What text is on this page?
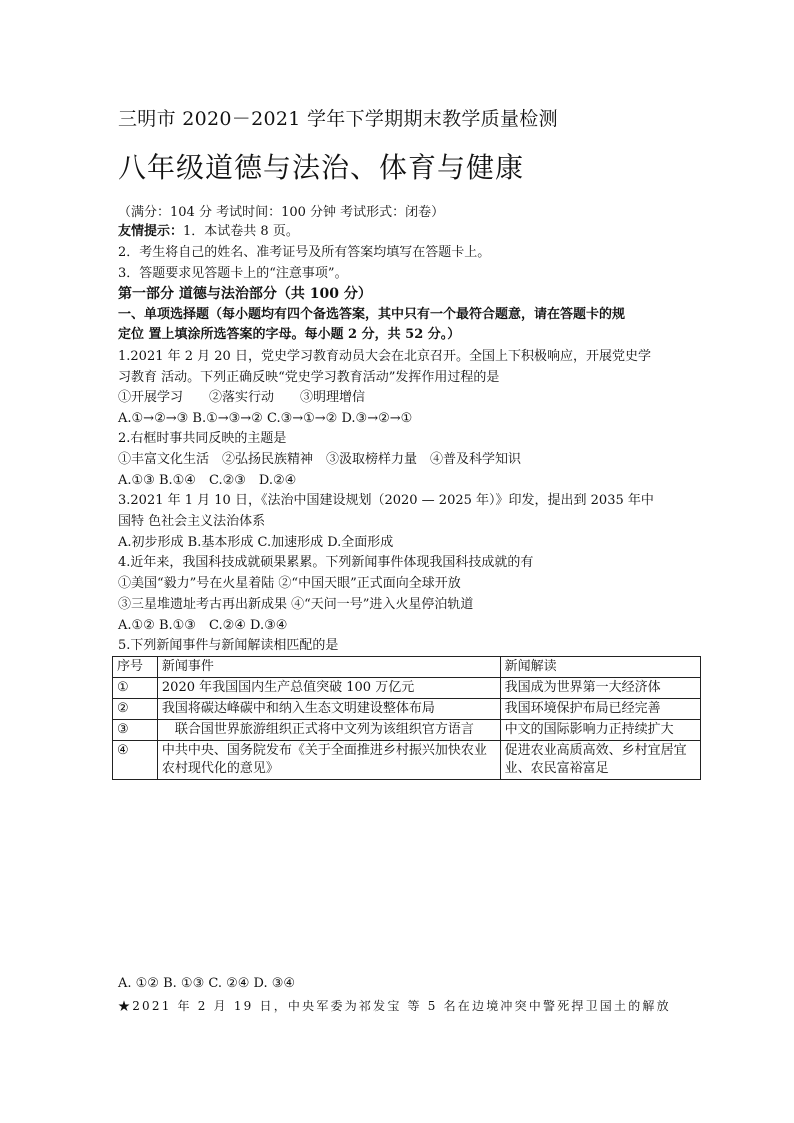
三明市 2020－2021 学年下学期期末教学质量检测
八年级道德与法治、体育与健康
（满分：104 分 考试时间：100 分钟 考试形式：闭卷）
友情提示：1．本试卷共 8 页。
2．考生将自己的姓名、准考证号及所有答案均填写在答题卡上。
3．答题要求见答题卡上的“注意事项”。
第一部分 道德与法治部分（共 100 分）
一、单项选择题（每小题均有四个备选答案，其中只有一个最符合题意，请在答题卡的规
定位 置上填涂所选答案的字母。每小题 2 分，共 52 分。）
1.2021 年 2 月 20 日，党史学习教育动员大会在北京召开。全国上下积极响应，开展党史学
习教育 活动。下列正确反映“党史学习教育活动”发挥作用过程的是
①开展学习　　②落实行动　　③明理增信
A.①→②→③ B.①→③→② C.③→①→② D.③→②→①
2.右框时事共同反映的主题是
①丰富文化生活　②弘扬民族精神　③汲取榜样力量　④普及科学知识
A.①③ B.①④　C.②③　D.②④
3.2021 年 1 月 10 日，《法治中国建设规划（2020 — 2025 年）》印发，提出到 2035 年中
国特 色社会主义法治体系
A.初步形成 B.基本形成 C.加速形成 D.全面形成
4.近年来，我国科技成就硕果累累。下列新闻事件体现我国科技成就的有
①美国“毅力”号在火星着陆 ②“中国天眼”正式面向全球开放
③三星堆遗址考古再出新成果 ④“天问一号”进入火星停泊轨道
A.①② B.①③　C.②④ D.③④
5.下列新闻事件与新闻解读相匹配的是
序号	新闻事件	新闻解读
①	2020 年我国国内生产总值突破 100 万亿元	我国成为世界第一大经济体
②	我国将碳达峰碳中和纳入生态文明建设整体布局	我国环境保护布局已经完善
③	　联合国世界旅游组织正式将中文列为该组织官方语言	中文的国际影响力正持续扩大
④	中共中央、国务院发布《关于全面推进乡村振兴加快农业农村现代化的意见》	促进农业高质高效、乡村宜居宜业、农民富裕富足
A. ①② B. ①③ C. ②④ D. ③④
★2021 年 2 月 19 日，中央军委为祁发宝 等 5 名在边境冲突中警死捍卫国土的解放
